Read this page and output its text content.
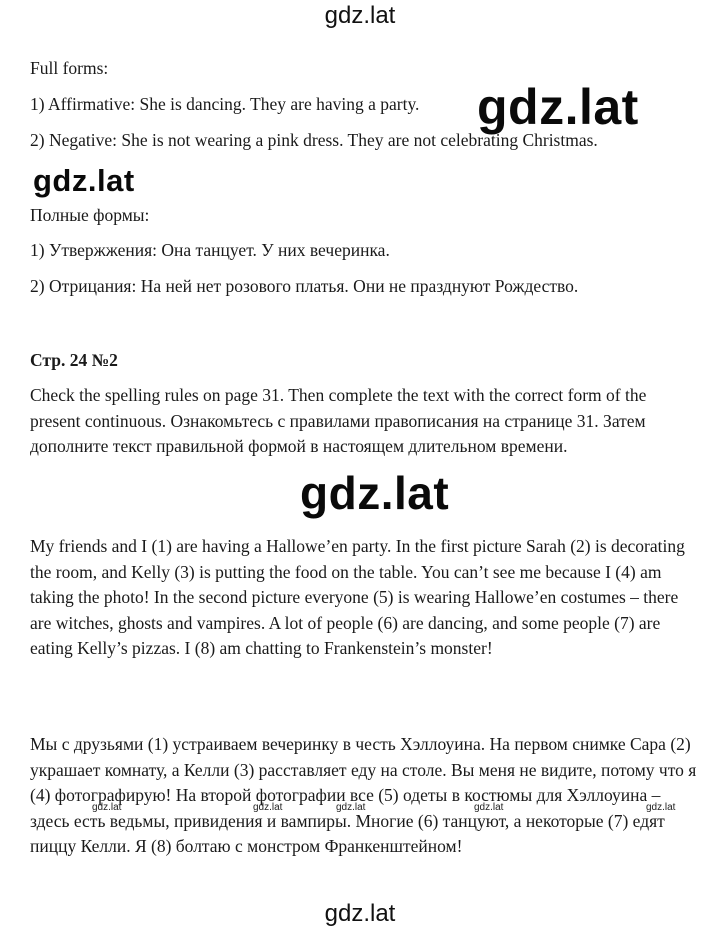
gdz.lat
Full forms:
1) Affirmative: She is dancing. They are having a party.
2) Negative: She is not wearing a pink dress. They are not celebrating Christmas.
gdz.lat
gdz.lat
Полные формы:
1) Утвержжения: Она танцует. У них вечеринка.
2) Отрицания: На ней нет розового платья. Они не празднуют Рождество.
Стр. 24 №2
Check the spelling rules on page 31. Then complete the text with the correct form of the present continuous. Ознакомьтесь с правилами правописания на странице 31. Затем дополните текст правильной формой в настоящем длительном времени.
gdz.lat
My friends and I (1) are having a Hallowe’en party. In the first picture Sarah (2) is decorating the room, and Kelly (3) is putting the food on the table. You can’t see me because I (4) am taking the photo! In the second picture everyone (5) is wearing Hallowe’en costumes – there are witches, ghosts and vampires. A lot of people (6) are dancing, and some people (7) are eating Kelly’s pizzas. I (8) am chatting to Frankenstein’s monster!
Мы с друзьями (1) устраиваем вечеринку в честь Хэллоуина. На первом снимке Сара (2) украшает комнату, а Келли (3) расставляет еду на столе. Вы меня не видите, потому что я (4) фотографирую! На второй фотографии все (5) одеты в костюмы для Хэллоуина – здесь есть ведьмы, привидения и вампиры. Многие (6) танцуют, а некоторые (7) едят пиццу Келли. Я (8) болтаю с монстром Франкенштейном!
gdz.lat	gdz.lat	gdz.lat	gdz.lat	gdz.lat
gdz.lat
